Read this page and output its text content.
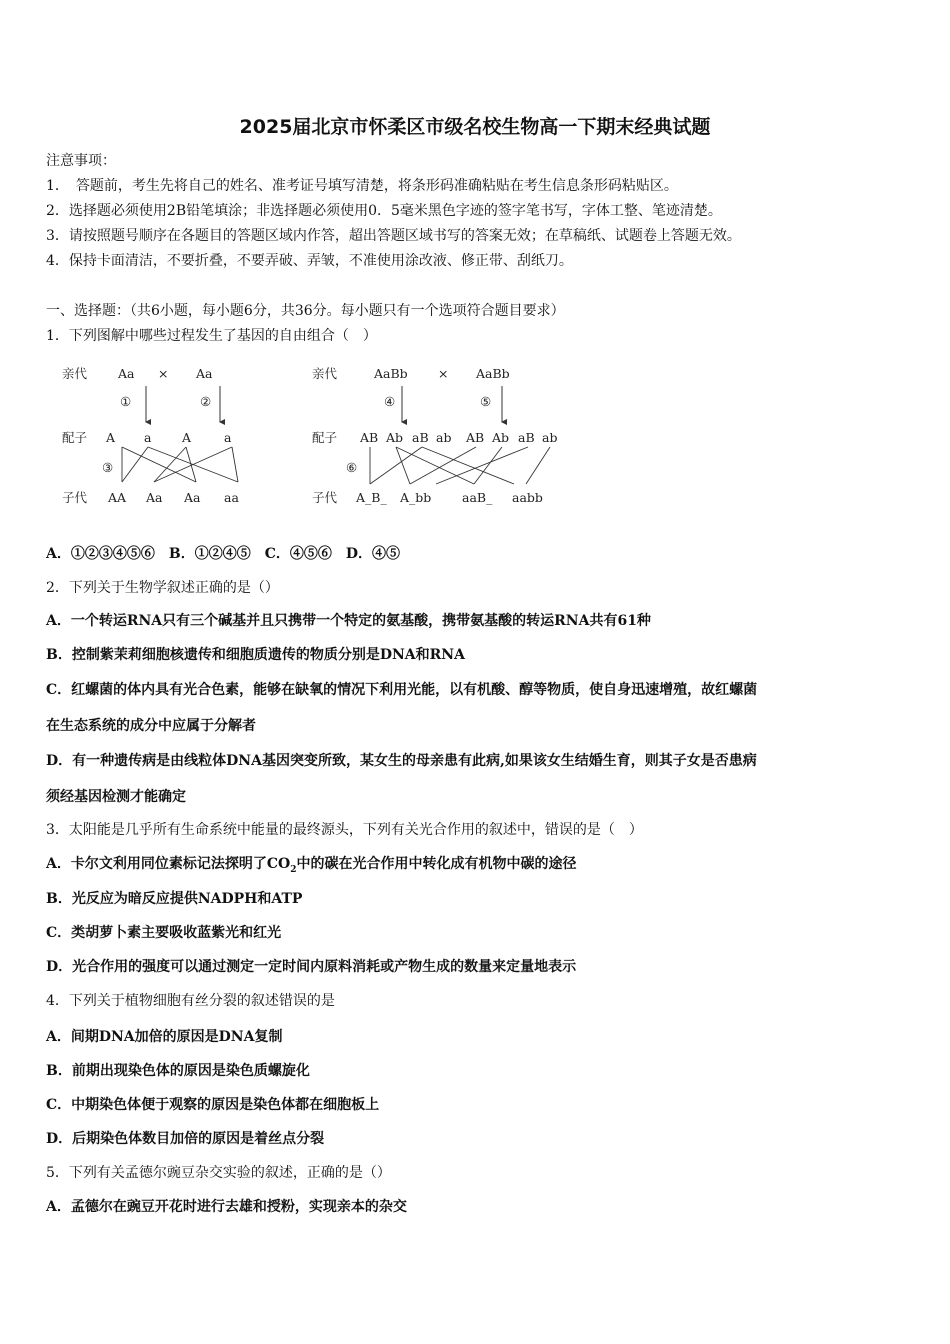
2025届北京市怀柔区市级名校生物高一下期末经典试题
注意事项：
1．　答题前，考生先将自己的姓名、准考证号填写清楚，将条形码准确粘贴在考生信息条形码粘贴区。
2．选择题必须使用2B铅笔填涂；非选择题必须使用0．5毫米黑色字迹的签字笔书写，字体工整、笔迹清楚。
3．请按照题号顺序在各题目的答题区域内作答，超出答题区域书写的答案无效；在草稿纸、试题卷上答题无效。
4．保持卡面清洁，不要折叠，不要弄破、弄皱，不准使用涂改液、修正带、刮纸刀。
一、选择题：（共6小题，每小题6分，共36分。每小题只有一个选项符合题目要求）
1．下列图解中哪些过程发生了基因的自由组合（　）
亲代 Aa × Aa
①	②
配子 A a A	a
③
子代 AA Aa Aa aa
亲代	AaBb × AaBb
④	⑤
配子 AB Ab aB ab AB Ab aB ab
⑥
子代 A_B_ A_bb aaB_ aabb
A．①②③④⑤⑥　B．①②④⑤　C．④⑤⑥　D．④⑤
2．下列关于生物学叙述正确的是（）
A．一个转运RNA只有三个碱基并且只携带一个特定的氨基酸，携带氨基酸的转运RNA共有61种
B．控制紫茉莉细胞核遗传和细胞质遗传的物质分别是DNA和RNA
C．红螺菌的体内具有光合色素，能够在缺氧的情况下利用光能，以有机酸、醇等物质，使自身迅速增殖，故红螺菌
在生态系统的成分中应属于分解者
D．有一种遗传病是由线粒体DNA基因突变所致，某女生的母亲患有此病,如果该女生结婚生育，则其子女是否患病
须经基因检测才能确定
3．太阳能是几乎所有生命系统中能量的最终源头，下列有关光合作用的叙述中，错误的是（　）
A．卡尔文利用同位素标记法探明了$CO_2$中的碳在光合作用中转化成有机物中碳的途径
B．光反应为暗反应提供NADPH和ATP
C．类胡萝卜素主要吸收蓝紫光和红光
D．光合作用的强度可以通过测定一定时间内原料消耗或产物生成的数量来定量地表示
4．下列关于植物细胞有丝分裂的叙述错误的是
A．间期DNA加倍的原因是DNA复制
B．前期出现染色体的原因是染色质螺旋化
C．中期染色体便于观察的原因是染色体都在细胞板上
D．后期染色体数目加倍的原因是着丝点分裂
5．下列有关孟德尔豌豆杂交实验的叙述，正确的是（）
A．孟德尔在豌豆开花时进行去雄和授粉，实现亲本的杂交
